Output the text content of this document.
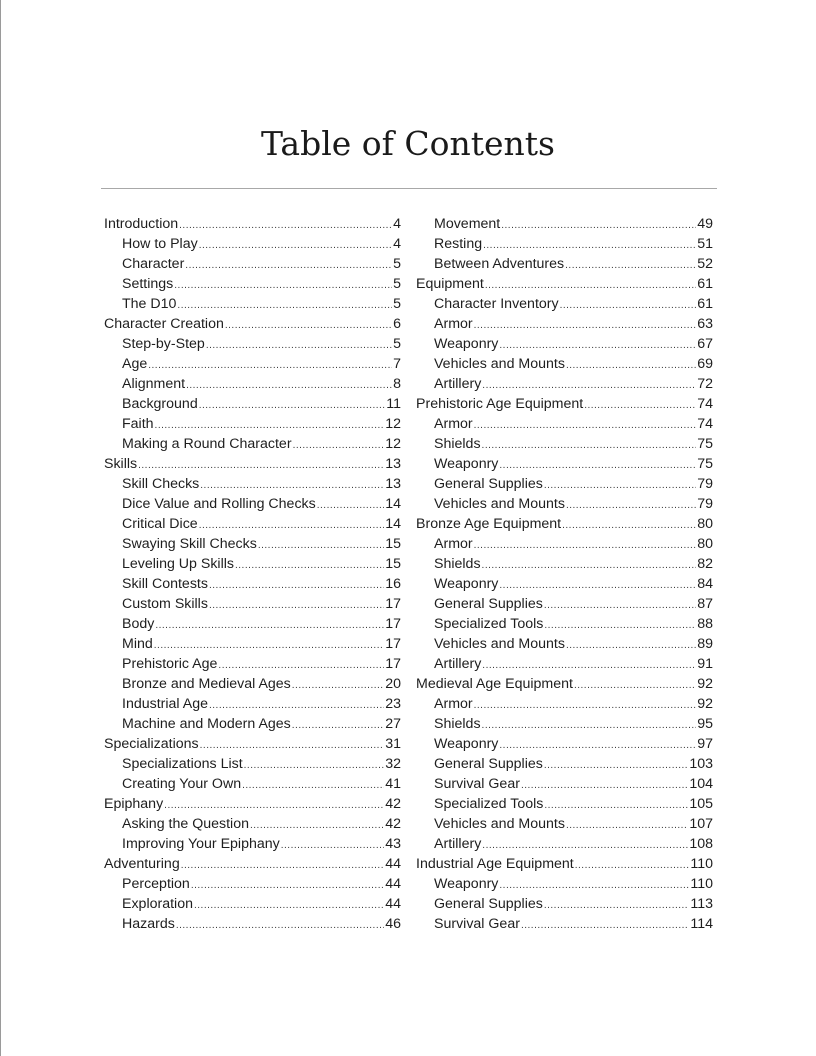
Table of Contents
Introduction .....	4
How to Play .....	4
Character .....	5
Settings .....	5
The D10 .....	5
Character Creation .....	6
Step-by-Step .....	5
Age .....	7
Alignment .....	8
Background .....	11
Faith .....	12
Making a Round Character .....	12
Skills .....	13
Skill Checks .....	13
Dice Value and Rolling Checks .....	14
Critical Dice .....	14
Swaying Skill Checks .....	15
Leveling Up Skills .....	15
Skill Contests .....	16
Custom Skills .....	17
Body .....	17
Mind .....	17
Prehistoric Age .....	17
Bronze and Medieval Ages .....	20
Industrial Age .....	23
Machine and Modern Ages .....	27
Specializations .....	31
Specializations List .....	32
Creating Your Own .....	41
Epiphany .....	42
Asking the Question .....	42
Improving Your Epiphany .....	43
Adventuring .....	44
Perception .....	44
Exploration .....	44
Hazards .....	46
Movement .....	49
Resting .....	51
Between Adventures .....	52
Equipment .....	61
Character Inventory .....	61
Armor .....	63
Weaponry .....	67
Vehicles and Mounts .....	69
Artillery .....	72
Prehistoric Age Equipment .....	74
Armor .....	74
Shields .....	75
Weaponry .....	75
General Supplies .....	79
Vehicles and Mounts .....	79
Bronze Age Equipment .....	80
Armor .....	80
Shields .....	82
Weaponry .....	84
General Supplies .....	87
Specialized Tools .....	88
Vehicles and Mounts .....	89
Artillery .....	91
Medieval Age Equipment .....	92
Armor .....	92
Shields .....	95
Weaponry .....	97
General Supplies .....	103
Survival Gear .....	104
Specialized Tools .....	105
Vehicles and Mounts .....	107
Artillery .....	108
Industrial Age Equipment .....	110
Weaponry .....	110
General Supplies .....	113
Survival Gear .....	114
